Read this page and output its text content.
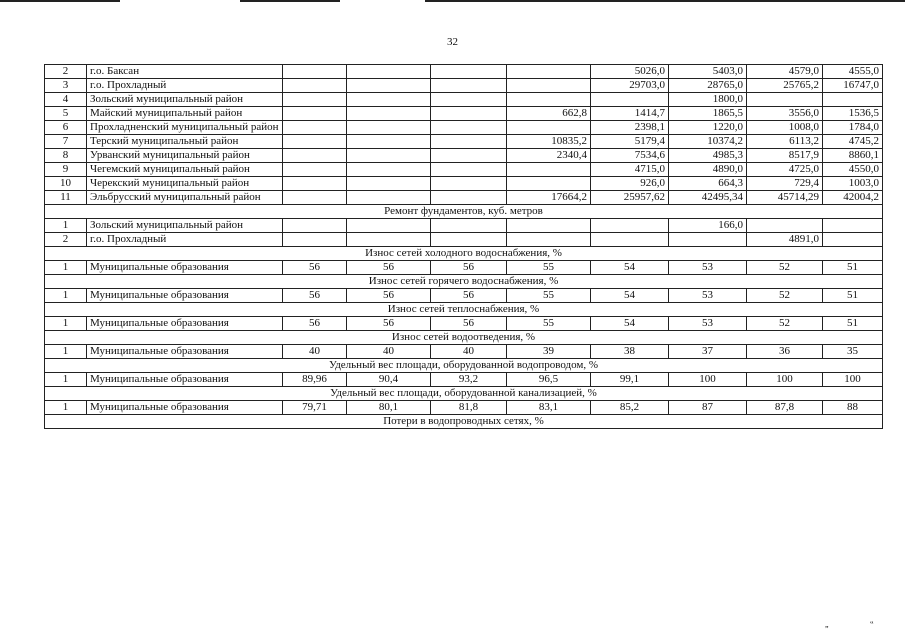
32
2	г.о. Баксан					5026,0	5403,0	4579,0	4555,0
3	г.о. Прохладный					29703,0	28765,0	25765,2	16747,0
4	Зольский муниципальный район						1800,0		
5	Майский муниципальный район				662,8	1414,7	1865,5	3556,0	1536,5
6	Прохладненский муниципальный район					2398,1	1220,0	1008,0	1784,0
7	Терский муниципальный район				10835,2	5179,4	10374,2	6113,2	4745,2
8	Урванский муниципальный район				2340,4	7534,6	4985,3	8517,9	8860,1
9	Чегемский муниципальный район					4715,0	4890,0	4725,0	4550,0
10	Черекский муниципальный район					926,0	664,3	729,4	1003,0
11	Эльбрусский муниципальный район				17664,2	25957,62	42495,34	45714,29	42004,2
Ремонт фундаментов, куб. метров									
1	Зольский муниципальный район						166,0		
2	г.о. Прохладный							4891,0	
Износ сетей холодного водоснабжения, %									
1	Муниципальные образования	56	56	56	55	54	53	52	51
Износ сетей горячего водоснабжения, %									
1	Муниципальные образования	56	56	56	55	54	53	52	51
Износ сетей теплоснабжения, %									
1	Муниципальные образования	56	56	56	55	54	53	52	51
Износ сетей водоотведения, %									
1	Муниципальные образования	40	40	40	39	38	37	36	35
Удельный вес площади, оборудованной водопроводом, %									
1	Муниципальные образования	89,96	90,4	93,2	96,5	99,1	100	100	100
Удельный вес площади, оборудованной канализацией, %									
1	Муниципальные образования	79,71	80,1	81,8	83,1	85,2	87	87,8	88
Потери в водопроводных сетях, %									
„	‟
